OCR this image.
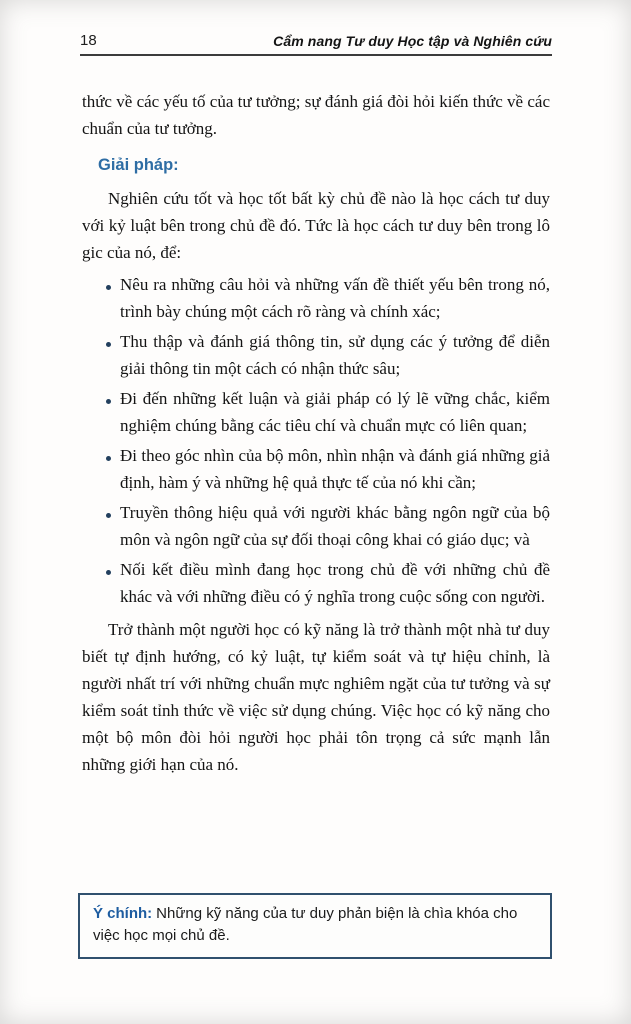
18	Cẩm nang Tư duy Học tập và Nghiên cứu

thức về các yếu tố của tư tưởng; sự đánh giá đòi hỏi kiến thức về các chuẩn của tư tưởng.

Giải pháp:

Nghiên cứu tốt và học tốt bất kỳ chủ đề nào là học cách tư duy với kỷ luật bên trong chủ đề đó. Tức là học cách tư duy bên trong lô gic của nó, để:

Nêu ra những câu hỏi và những vấn đề thiết yếu bên trong nó, trình bày chúng một cách rõ ràng và chính xác;
Thu thập và đánh giá thông tin, sử dụng các ý tưởng để diễn giải thông tin một cách có nhận thức sâu;
Đi đến những kết luận và giải pháp có lý lẽ vững chắc, kiểm nghiệm chúng bằng các tiêu chí và chuẩn mực có liên quan;
Đi theo góc nhìn của bộ môn, nhìn nhận và đánh giá những giả định, hàm ý và những hệ quả thực tế của nó khi cần;
Truyền thông hiệu quả với người khác bằng ngôn ngữ của bộ môn và ngôn ngữ của sự đối thoại công khai có giáo dục; và
Nối kết điều mình đang học trong chủ đề với những chủ đề khác và với những điều có ý nghĩa trong cuộc sống con người.

Trở thành một người học có kỹ năng là trở thành một nhà tư duy biết tự định hướng, có kỷ luật, tự kiểm soát và tự hiệu chỉnh, là người nhất trí với những chuẩn mực nghiêm ngặt của tư tưởng và sự kiểm soát tỉnh thức về việc sử dụng chúng. Việc học có kỹ năng cho một bộ môn đòi hỏi người học phải tôn trọng cả sức mạnh lẫn những giới hạn của nó.

Ý chính: Những kỹ năng của tư duy phản biện là chìa khóa cho việc học mọi chủ đề.
